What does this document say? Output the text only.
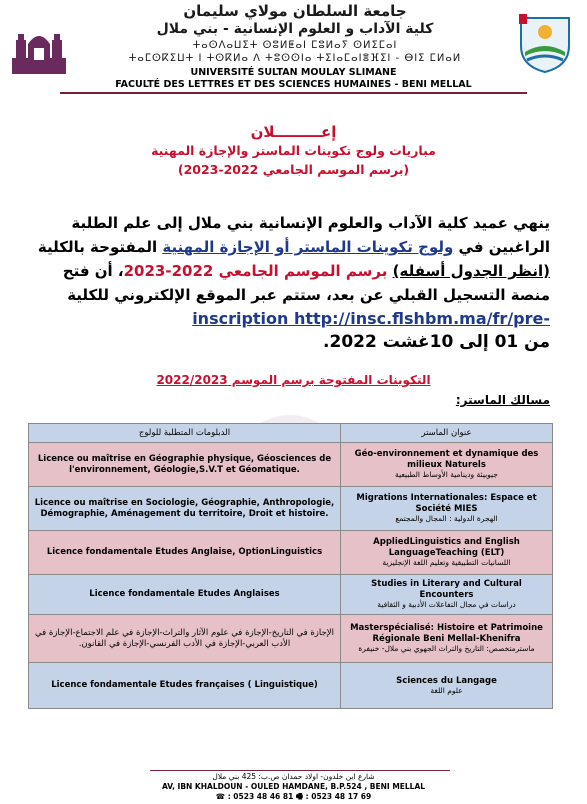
جامعة السلطان مولاي سليمان
كلية الآداب و العلوم الإنسانية - بني ملال
ⵜⴰⵙⴷⴰⵡⵉⵜ ⵙⵓⵍⵟⴰⵏ ⵎⵓⵍⴰⵢ ⵙⵍⵉⵎⴰⵏ
ⵜⴰⵎⵙⴽⵉⵡⵜ ⵏ ⵜⵙⴽⵍⴰ ⴷ ⵜⵓⵙⵙⵏⴰ ⵜⵉⵏⴰⵎⴰⵏⴻⴼⵉⵏ - ⴱⵏⵉ ⵎⵍⴰⵍ
UNIVERSITÉ SULTAN MOULAY SLIMANE
FACULTÉ DES LETTRES ET DES SCIENCES HUMAINES - BENI MELLAL
إعـــــــــلان
مباريات ولوج تكوينات الماستر والإجازة المهنية
(برسم الموسم الجامعي 2022-2023)
ينهي عميد كلية الآداب والعلوم الإنسانية بني ملال إلى علم الطلبة
الراغبين في ولوج تكوينات الماستر أو الإجازة المهنية المفتوحة بالكلية
(انظر الجدول أسفله) برسم الموسم الجامعي 2022-2023، أن فتح
منصة التسجيل القبلي عن بعد، ستتم عبر الموقع الإلكتروني للكلية
inscription http://insc.flshbm.ma/fr/pre-
من 01 إلى 10غشت 2022.
التكوينات المفتوحة برسم الموسم 2022/2023
مسالك الماستر:
الدبلومات المتطلبة للولوج	عنوان الماستر
Licence ou maîtrise en Géographie physique, Géosciences de l'environnement, Géologie,S.V.T et Géomatique.	Géo-environnement et dynamique des milieux Naturels
جيوبيئة ودينامية الأوساط الطبيعية

Licence ou maîtrise en Sociologie, Géographie, Anthropologie, Démographie, Aménagement du territoire, Droit et histoire.	Migrations Internationales: Espace et Société MIES
الهجرة الدولية : المجال والمجتمع

Licence fondamentale Etudes Anglaise, OptionLinguistics	AppliedLinguistics and English LanguageTeaching (ELT)
اللسانيات التطبيقية وتعليم اللغة الإنجليزية

Licence fondamentale Etudes Anglaises	Studies in Literary and Cultural Encounters
دراسات في مجال التفاعلات الأدبية و الثقافية

الإجازة في التاريخ-الإجازة في علوم الآثار والتراث-الإجازة في علم الاجتماع-الإجازة في الأدب العربي-الإجازة في الأدب الفرنسي-الإجازة في القانون.	Masterspécialisé: Histoire et Patrimoine Régionale Beni Mellal-Khenifra
ماسترمتخصص: التاريخ والتراث الجهوي بني ملال- خنيفرة

Licence fondamentale Etudes françaises ( Linguistique)	Sciences du Langage
علوم اللغة
شارع ابن خلدون- اولاد حمدان ص.ب: 425 بني ملال
AV, IBN KHALDOUN - OULED HAMDANE, B.P.524 , BENI MELLAL
☎ : 0523 48 46 81 🖷 : 0523 48 17 69
